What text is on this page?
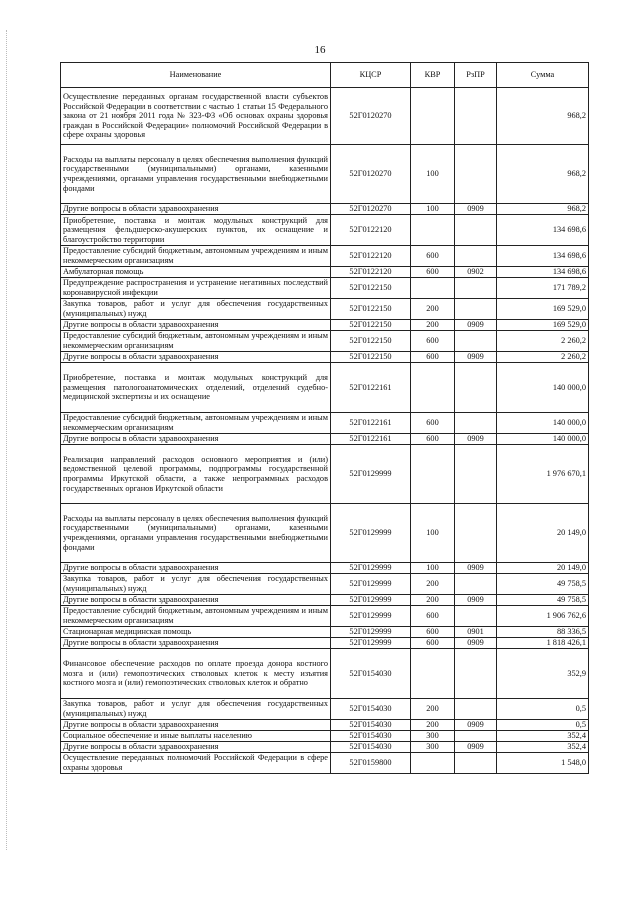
16
Наименование	КЦСР	КВР	РзПР	Сумма
Осуществление переданных органам государственной власти субъектов Российской Федерации в соответствии с частью 1 статьи 15 Федерального закона от 21 ноября 2011 года № 323-ФЗ «Об основах охраны здоровья граждан в Российской Федерации» полномочий Российской Федерации в сфере охраны здоровья	52Г0120270			968,2
Расходы на выплаты персоналу в целях обеспечения выполнения функций государственными (муниципальными) органами, казенными учреждениями, органами управления государственными внебюджетными фондами	52Г0120270	100		968,2
Другие вопросы в области здравоохранения	52Г0120270	100	0909	968,2
Приобретение, поставка и монтаж модульных конструкций для размещения фельдшерско-акушерских пунктов, их оснащение и благоустройство территории	52Г0122120			134 698,6
Предоставление субсидий бюджетным, автономным учреждениям и иным некоммерческим организациям	52Г0122120	600		134 698,6
Амбулаторная помощь	52Г0122120	600	0902	134 698,6
Предупреждение распространения и устранение негативных последствий коронавирусной инфекции	52Г0122150			171 789,2
Закупка товаров, работ и услуг для обеспечения государственных (муниципальных) нужд	52Г0122150	200		169 529,0
Другие вопросы в области здравоохранения	52Г0122150	200	0909	169 529,0
Предоставление субсидий бюджетным, автономным учреждениям и иным некоммерческим организациям	52Г0122150	600		2 260,2
Другие вопросы в области здравоохранения	52Г0122150	600	0909	2 260,2
Приобретение, поставка и монтаж модульных конструкций для размещения патологоанатомических отделений, отделений судебно-медицинской экспертизы и их оснащение	52Г0122161			140 000,0
Предоставление субсидий бюджетным, автономным учреждениям и иным некоммерческим организациям	52Г0122161	600		140 000,0
Другие вопросы в области здравоохранения	52Г0122161	600	0909	140 000,0
Реализация направлений расходов основного мероприятия и (или) ведомственной целевой программы, подпрограммы государственной программы Иркутской области, а также непрограммных расходов государственных органов Иркутской области	52Г0129999			1 976 670,1
Расходы на выплаты персоналу в целях обеспечения выполнения функций государственными (муниципальными) органами, казенными учреждениями, органами управления государственными внебюджетными фондами	52Г0129999	100		20 149,0
Другие вопросы в области здравоохранения	52Г0129999	100	0909	20 149,0
Закупка товаров, работ и услуг для обеспечения государственных (муниципальных) нужд	52Г0129999	200		49 758,5
Другие вопросы в области здравоохранения	52Г0129999	200	0909	49 758,5
Предоставление субсидий бюджетным, автономным учреждениям и иным некоммерческим организациям	52Г0129999	600		1 906 762,6
Стационарная медицинская помощь	52Г0129999	600	0901	88 336,5
Другие вопросы в области здравоохранения	52Г0129999	600	0909	1 818 426,1
Финансовое обеспечение расходов по оплате проезда донора костного мозга и (или) гемопоэтических стволовых клеток к месту изъятия костного мозга и (или) гемопоэтических стволовых клеток и обратно	52Г0154030			352,9
Закупка товаров, работ и услуг для обеспечения государственных (муниципальных) нужд	52Г0154030	200		0,5
Другие вопросы в области здравоохранения	52Г0154030	200	0909	0,5
Социальное обеспечение и иные выплаты населению	52Г0154030	300		352,4
Другие вопросы в области здравоохранения	52Г0154030	300	0909	352,4
Осуществление переданных полномочий Российской Федерации в сфере охраны здоровья	52Г0159800			1 548,0
